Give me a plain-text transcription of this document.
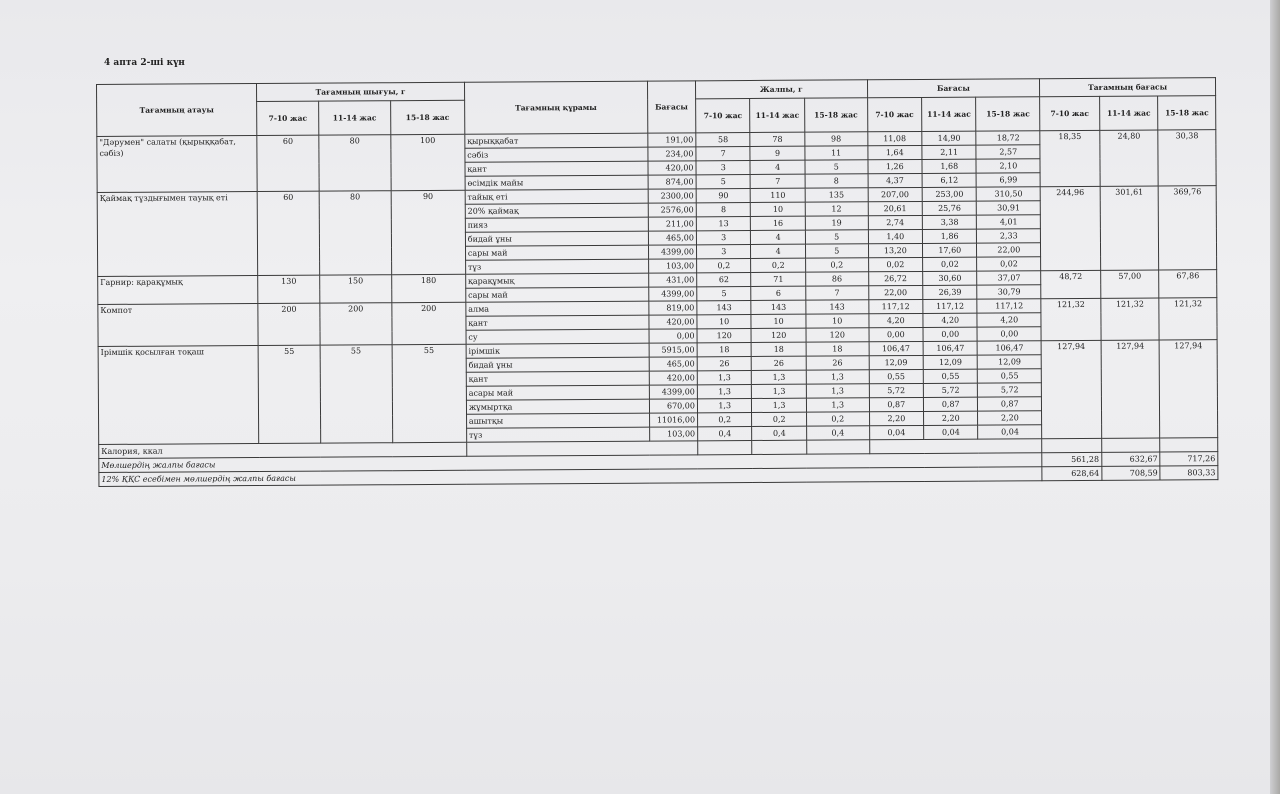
4 апта 2-ші күн
Тағамның атауы	Тағамның шығуы, г			Тағамның құрамы	Бағасы	Жалпы, г			Бағасы			Тағамның бағасы		
	7-10 жас	11-14 жас	15-18 жас			7-10 жас	11-14 жас	15-18 жас	7-10 жас	11-14 жас	15-18 жас	7-10 жас	11-14 жас	15-18 жас
"Дәрумен" салаты (қырыққабат, сәбіз)	60	80	100	қырыққабат	191,00	58	78	98	11,08	14,90	18,72	18,35	24,80	30,38
				сәбіз	234,00	7	9	11	1,64	2,11	2,57			
				қант	420,00	3	4	5	1,26	1,68	2,10			
				өсімдік майы	874,00	5	7	8	4,37	6,12	6,99			
Қаймақ тұздығымен тауық еті	60	80	90	тайық еті	2300,00	90	110	135	207,00	253,00	310,50	244,96	301,61	369,76
				20% қаймақ	2576,00	8	10	12	20,61	25,76	30,91			
				пияз	211,00	13	16	19	2,74	3,38	4,01			
				бидай ұны	465,00	3	4	5	1,40	1,86	2,33			
				сары май	4399,00	3	4	5	13,20	17,60	22,00			
				тұз	103,00	0,2	0,2	0,2	0,02	0,02	0,02			
Гарнир: қарақұмық	130	150	180	қарақұмық	431,00	62	71	86	26,72	30,60	37,07	48,72	57,00	67,86
				сары май	4399,00	5	6	7	22,00	26,39	30,79			
Компот	200	200	200	алма	819,00	143	143	143	117,12	117,12	117,12	121,32	121,32	121,32
				қант	420,00	10	10	10	4,20	4,20	4,20			
				су	0,00	120	120	120	0,00	0,00	0,00			
Ірімшік қосылған тоқаш	55	55	55	ірімшік	5915,00	18	18	18	106,47	106,47	106,47	127,94	127,94	127,94
				бидай ұны	465,00	26	26	26	12,09	12,09	12,09			
				қант	420,00	1,3	1,3	1,3	0,55	0,55	0,55			
				асары май	4399,00	1,3	1,3	1,3	5,72	5,72	5,72			
				жұмыртқа	670,00	1,3	1,3	1,3	0,87	0,87	0,87			
				ашытқы	11016,00	0,2	0,2	0,2	2,20	2,20	2,20			
				тұз	103,00	0,4	0,4	0,4	0,04	0,04	0,04			
Калория, ккал														
Мөлшердің жалпы бағасы												561,28	632,67	717,26
12% ҚҚС есебімен мөлшердің жалпы бағасы												628,64	708,59	803,33
